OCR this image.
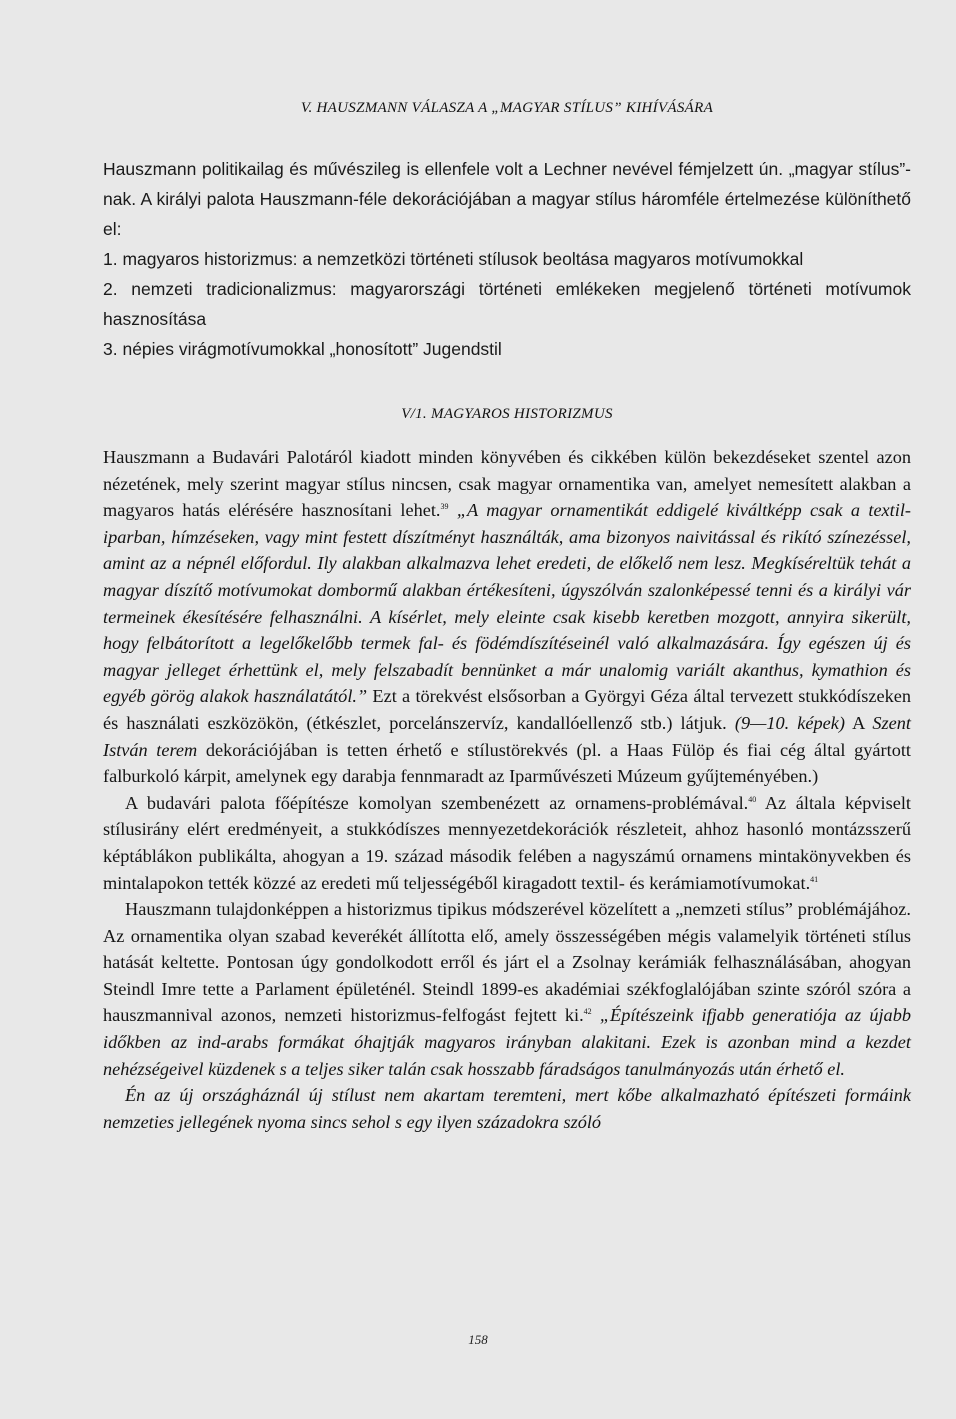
V. HAUSZMANN VÁLASZA A „MAGYAR STÍLUS” KIHÍVÁSÁRA

Hauszmann politikailag és művészileg is ellenfele volt a Lechner nevével fémjelzett ún. „magyar stílus”-nak. A királyi palota Hauszmann-féle dekorációjában a magyar stílus háromféle értelmezése különíthető el:

1. magyaros historizmus: a nemzetközi történeti stílusok beoltása magyaros motívumokkal

2. nemzeti tradicionalizmus: magyarországi történeti emlékeken megjelenő történeti motívumok hasznosítása

3. népies virágmotívumokkal „honosított” Jugendstil

V/1. MAGYAROS HISTORIZMUS

Hauszmann a Budavári Palotáról kiadott minden könyvében és cikkében külön bekezdéseket szentel azon nézetének, mely szerint magyar stílus nincsen, csak magyar ornamentika van, amelyet nemesített alakban a magyaros hatás elérésére hasznosítani lehet.$^{39}$ „A magyar ornamentikát eddigelé kiváltképp csak a textil-iparban, hímzéseken, vagy mint festett díszítményt használták, ama bizonyos naivitással és rikító színezéssel, amint az a népnél előfordul. Ily alakban alkalmazva lehet eredeti, de előkelő nem lesz. Megkíséreltük tehát a magyar díszítő motívumokat dombormű alakban értékesíteni, úgyszólván szalonképessé tenni és a királyi vár termeinek ékesítésére felhasználni. A kísérlet, mely eleinte csak kisebb keretben mozgott, annyira sikerült, hogy felbátorított a legelőkelőbb termek fal- és födémdíszítéseinél való alkalmazására. Így egészen új és magyar jelleget érhettünk el, mely felszabadít bennünket a már unalomig variált akanthus, kymathion és egyéb görög alakok használatától.” Ezt a törekvést elsősorban a Györgyi Géza által tervezett stukkódíszeken és használati eszközökön, (étkészlet, porcelánszervíz, kandallóellenző stb.) látjuk. (9—10. képek) A Szent István terem dekorációjában is tetten érhető e stílustörekvés (pl. a Haas Fülöp és fiai cég által gyártott falburkoló kárpit, amelynek egy darabja fennmaradt az Iparművészeti Múzeum gyűjteményében.)

A budavári palota főépítésze komolyan szembenézett az ornamens-problémával.$^{40}$ Az általa képviselt stílusirány elért eredményeit, a stukkódíszes mennyezetdekorációk részleteit, ahhoz hasonló montázsszerű képtáblákon publikálta, ahogyan a 19. század második felében a nagyszámú ornamens mintakönyvekben és mintalapokon tették közzé az eredeti mű teljességéből kiragadott textil- és kerámiamotívumokat.$^{41}$

Hauszmann tulajdonképpen a historizmus tipikus módszerével közelített a „nemzeti stílus” problémájához. Az ornamentika olyan szabad keverékét állította elő, amely összességében mégis valamelyik történeti stílus hatását keltette. Pontosan úgy gondolkodott erről és járt el a Zsolnay kerámiák felhasználásában, ahogyan Steindl Imre tette a Parlament épületénél. Steindl 1899-es akadémiai székfoglalójában szinte szóról szóra a hauszmannival azonos, nemzeti historizmus-felfogást fejtett ki.$^{42}$ „Építészeink ifjabb generatiója az újabb időkben az ind-arabs formákat óhajtják magyaros irányban alakitani. Ezek is azonban mind a kezdet nehézségeivel küzdenek s a teljes siker talán csak hosszabb fáradságos tanulmányozás után érhető el.

Én az új országháznál új stílust nem akartam teremteni, mert kőbe alkalmazható építészeti formáink nemzeties jellegének nyoma sincs sehol s egy ilyen századokra szóló

158
